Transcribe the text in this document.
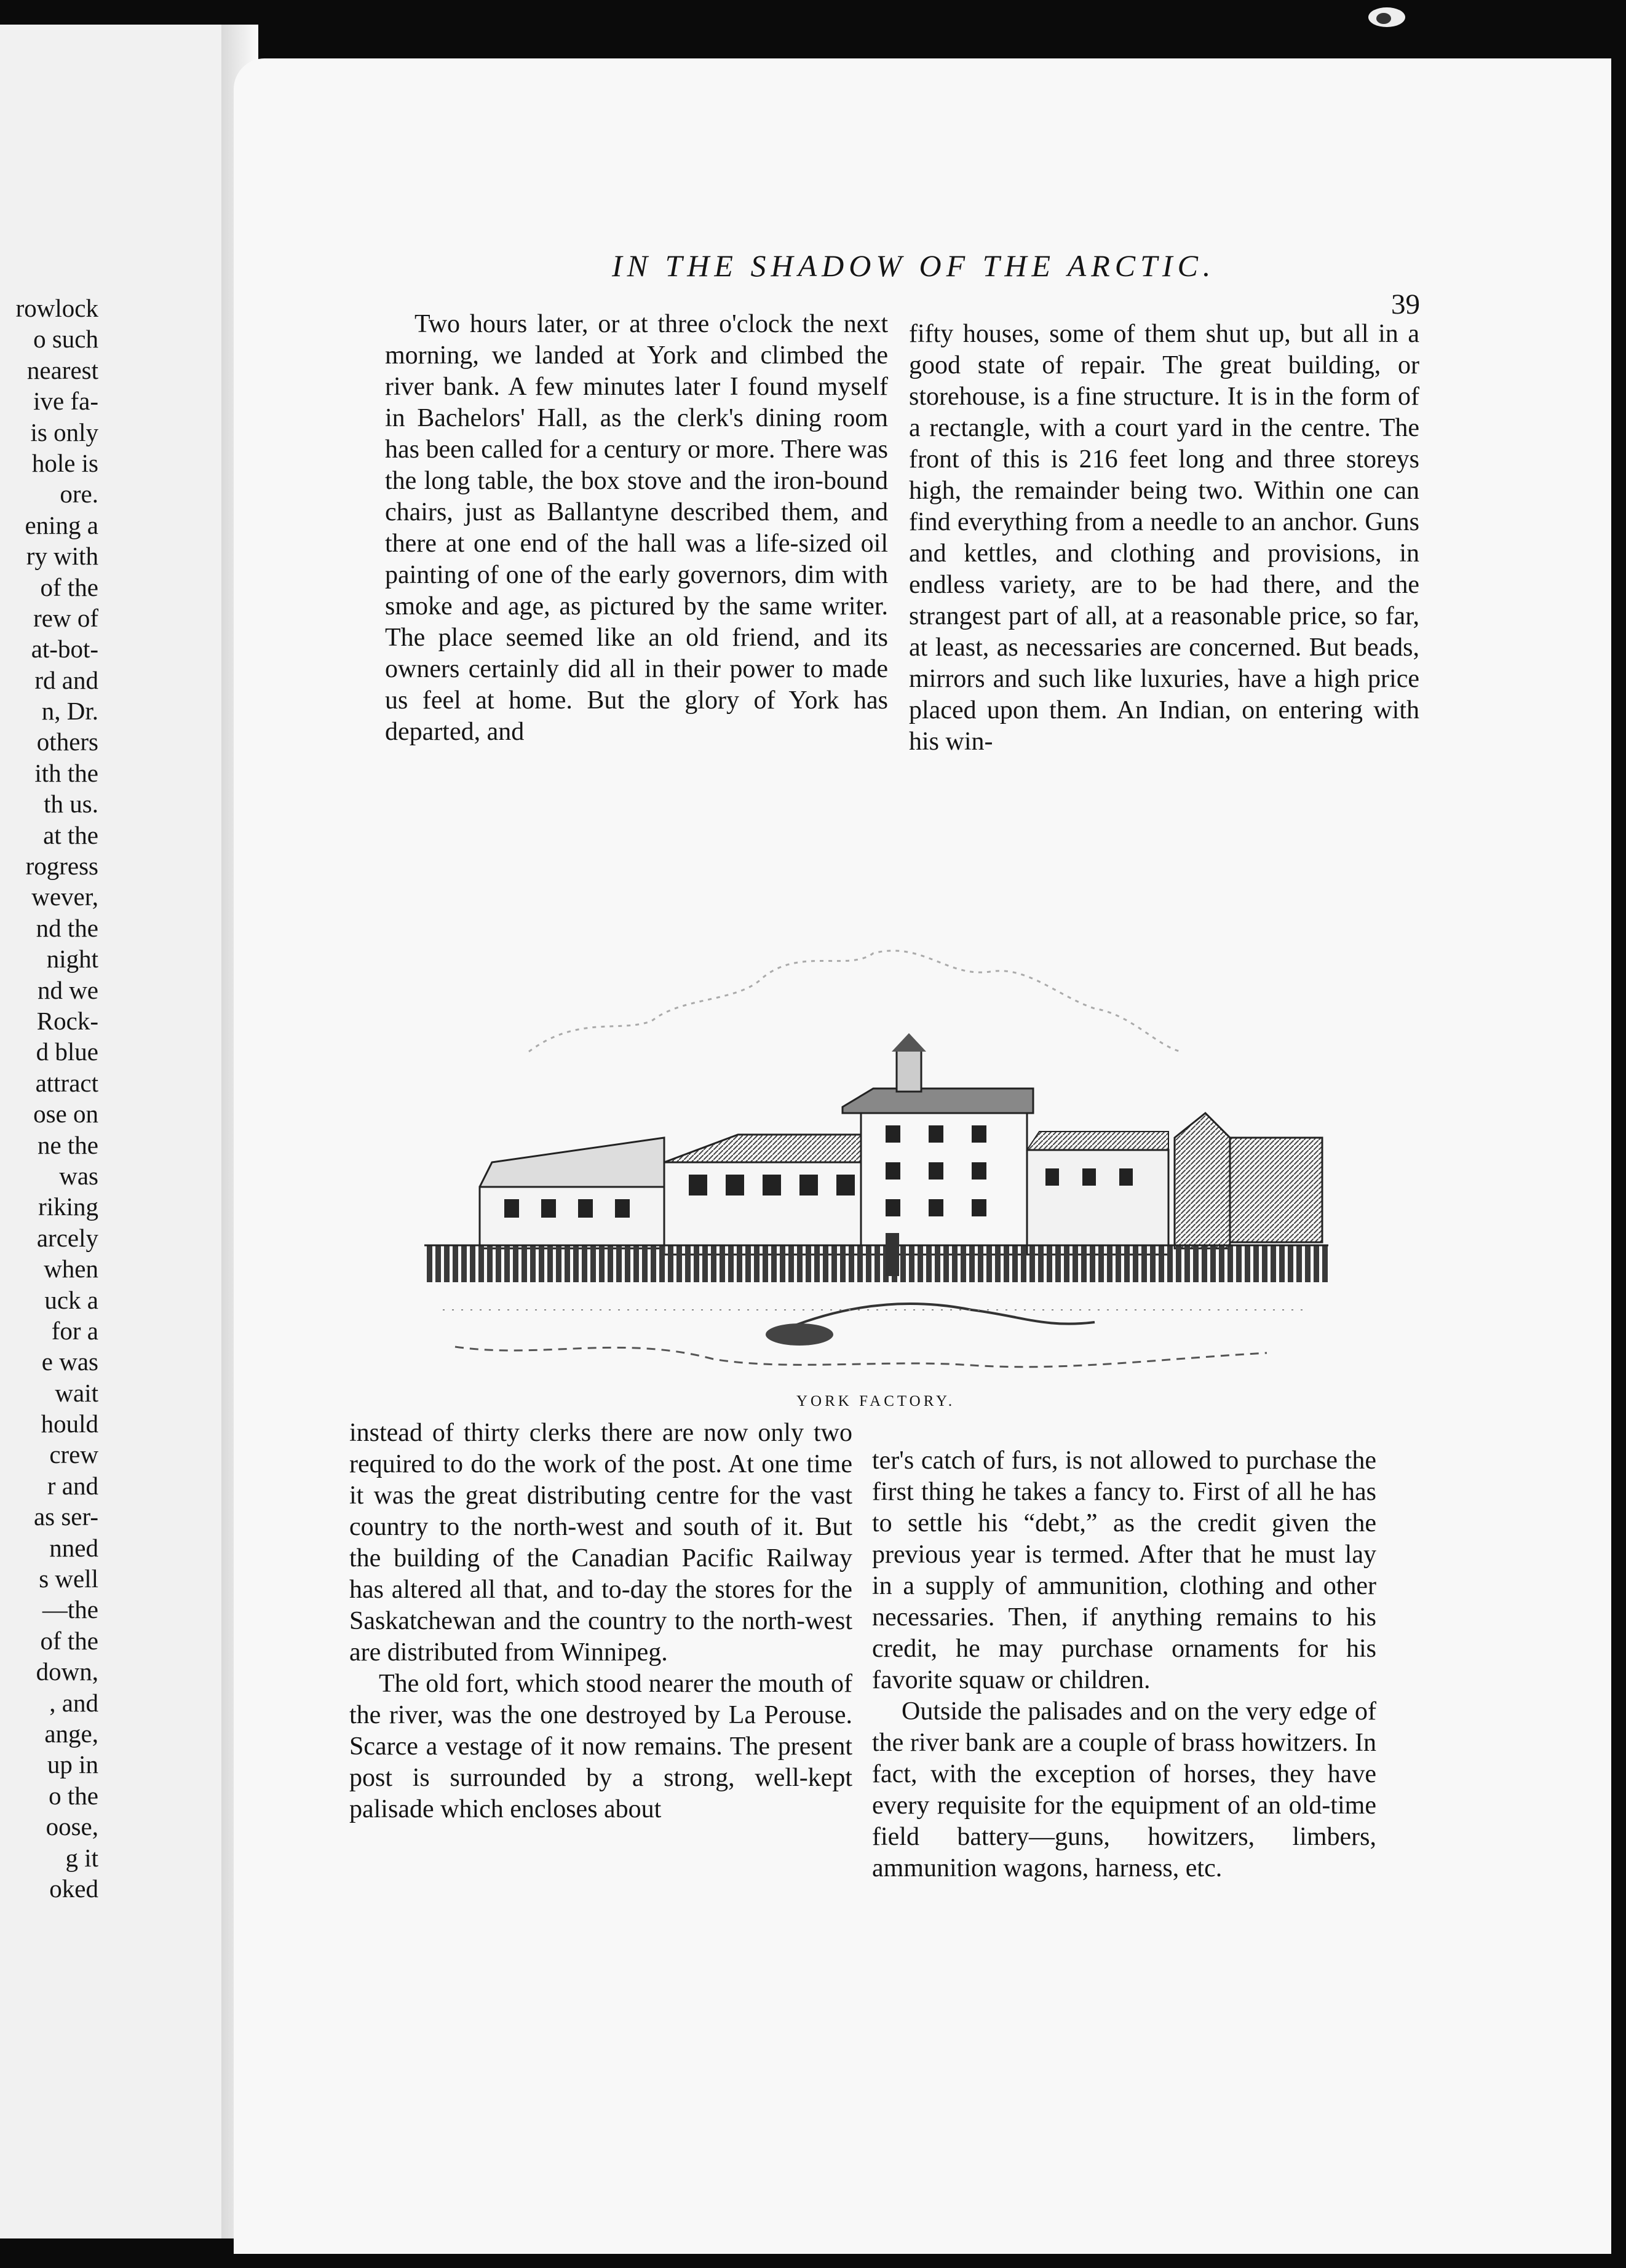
rowlock
o such
nearest
ive fa-
is only
hole is
ore.
ening a
ry with
of the
rew of
at-bot-
rd and
n, Dr.
others
ith the
th us.
at the
rogress
wever,
nd the
night
nd we
Rock-
d blue
attract
ose on
ne the
was
riking
arcely
when
uck a
for a
e was
wait
hould
crew
r and
as ser-
nned
s well
—the
of the
down,
, and
ange,
up in
o the
oose,
g it
oked
IN THE SHADOW OF THE ARCTIC.
39

Two hours later, or at three o'clock the next morning, we landed at York and climbed the river bank. A few minutes later I found myself in Bachelors' Hall, as the clerk's dining room has been called for a century or more. There was the long table, the box stove and the iron-bound chairs, just as Ballantyne described them, and there at one end of the hall was a life-sized oil painting of one of the early governors, dim with smoke and age, as pictured by the same writer. The place seemed like an old friend, and its owners certainly did all in their power to made us feel at home. But the glory of York has departed, and

fifty houses, some of them shut up, but all in a good state of repair. The great building, or storehouse, is a fine structure. It is in the form of a rectangle, with a court yard in the centre. The front of this is 216 feet long and three storeys high, the remainder being two. Within one can find everything from a needle to an anchor. Guns and kettles, and clothing and provisions, in endless variety, are to be had there, and the strangest part of all, at a reasonable price, so far, at least, as necessaries are concerned. But beads, mirrors and such like luxuries, have a high price placed upon them. An Indian, on entering with his win-

YORK FACTORY.

instead of thirty clerks there are now only two required to do the work of the post. At one time it was the great distributing centre for the vast country to the north-west and south of it. But the building of the Canadian Pacific Railway has altered all that, and to-day the stores for the Saskatchewan and the country to the north-west are distributed from Winnipeg.

The old fort, which stood nearer the mouth of the river, was the one destroyed by La Perouse. Scarce a vestage of it now remains. The present post is surrounded by a strong, well-kept palisade which encloses about

ter's catch of furs, is not allowed to purchase the first thing he takes a fancy to. First of all he has to settle his “debt,” as the credit given the previous year is termed. After that he must lay in a supply of ammunition, clothing and other necessaries. Then, if anything remains to his credit, he may purchase ornaments for his favorite squaw or children.

Outside the palisades and on the very edge of the river bank are a couple of brass howitzers. In fact, with the exception of horses, they have every requisite for the equipment of an old-time field battery—guns, howitzers, limbers, ammunition wagons, harness, etc.
